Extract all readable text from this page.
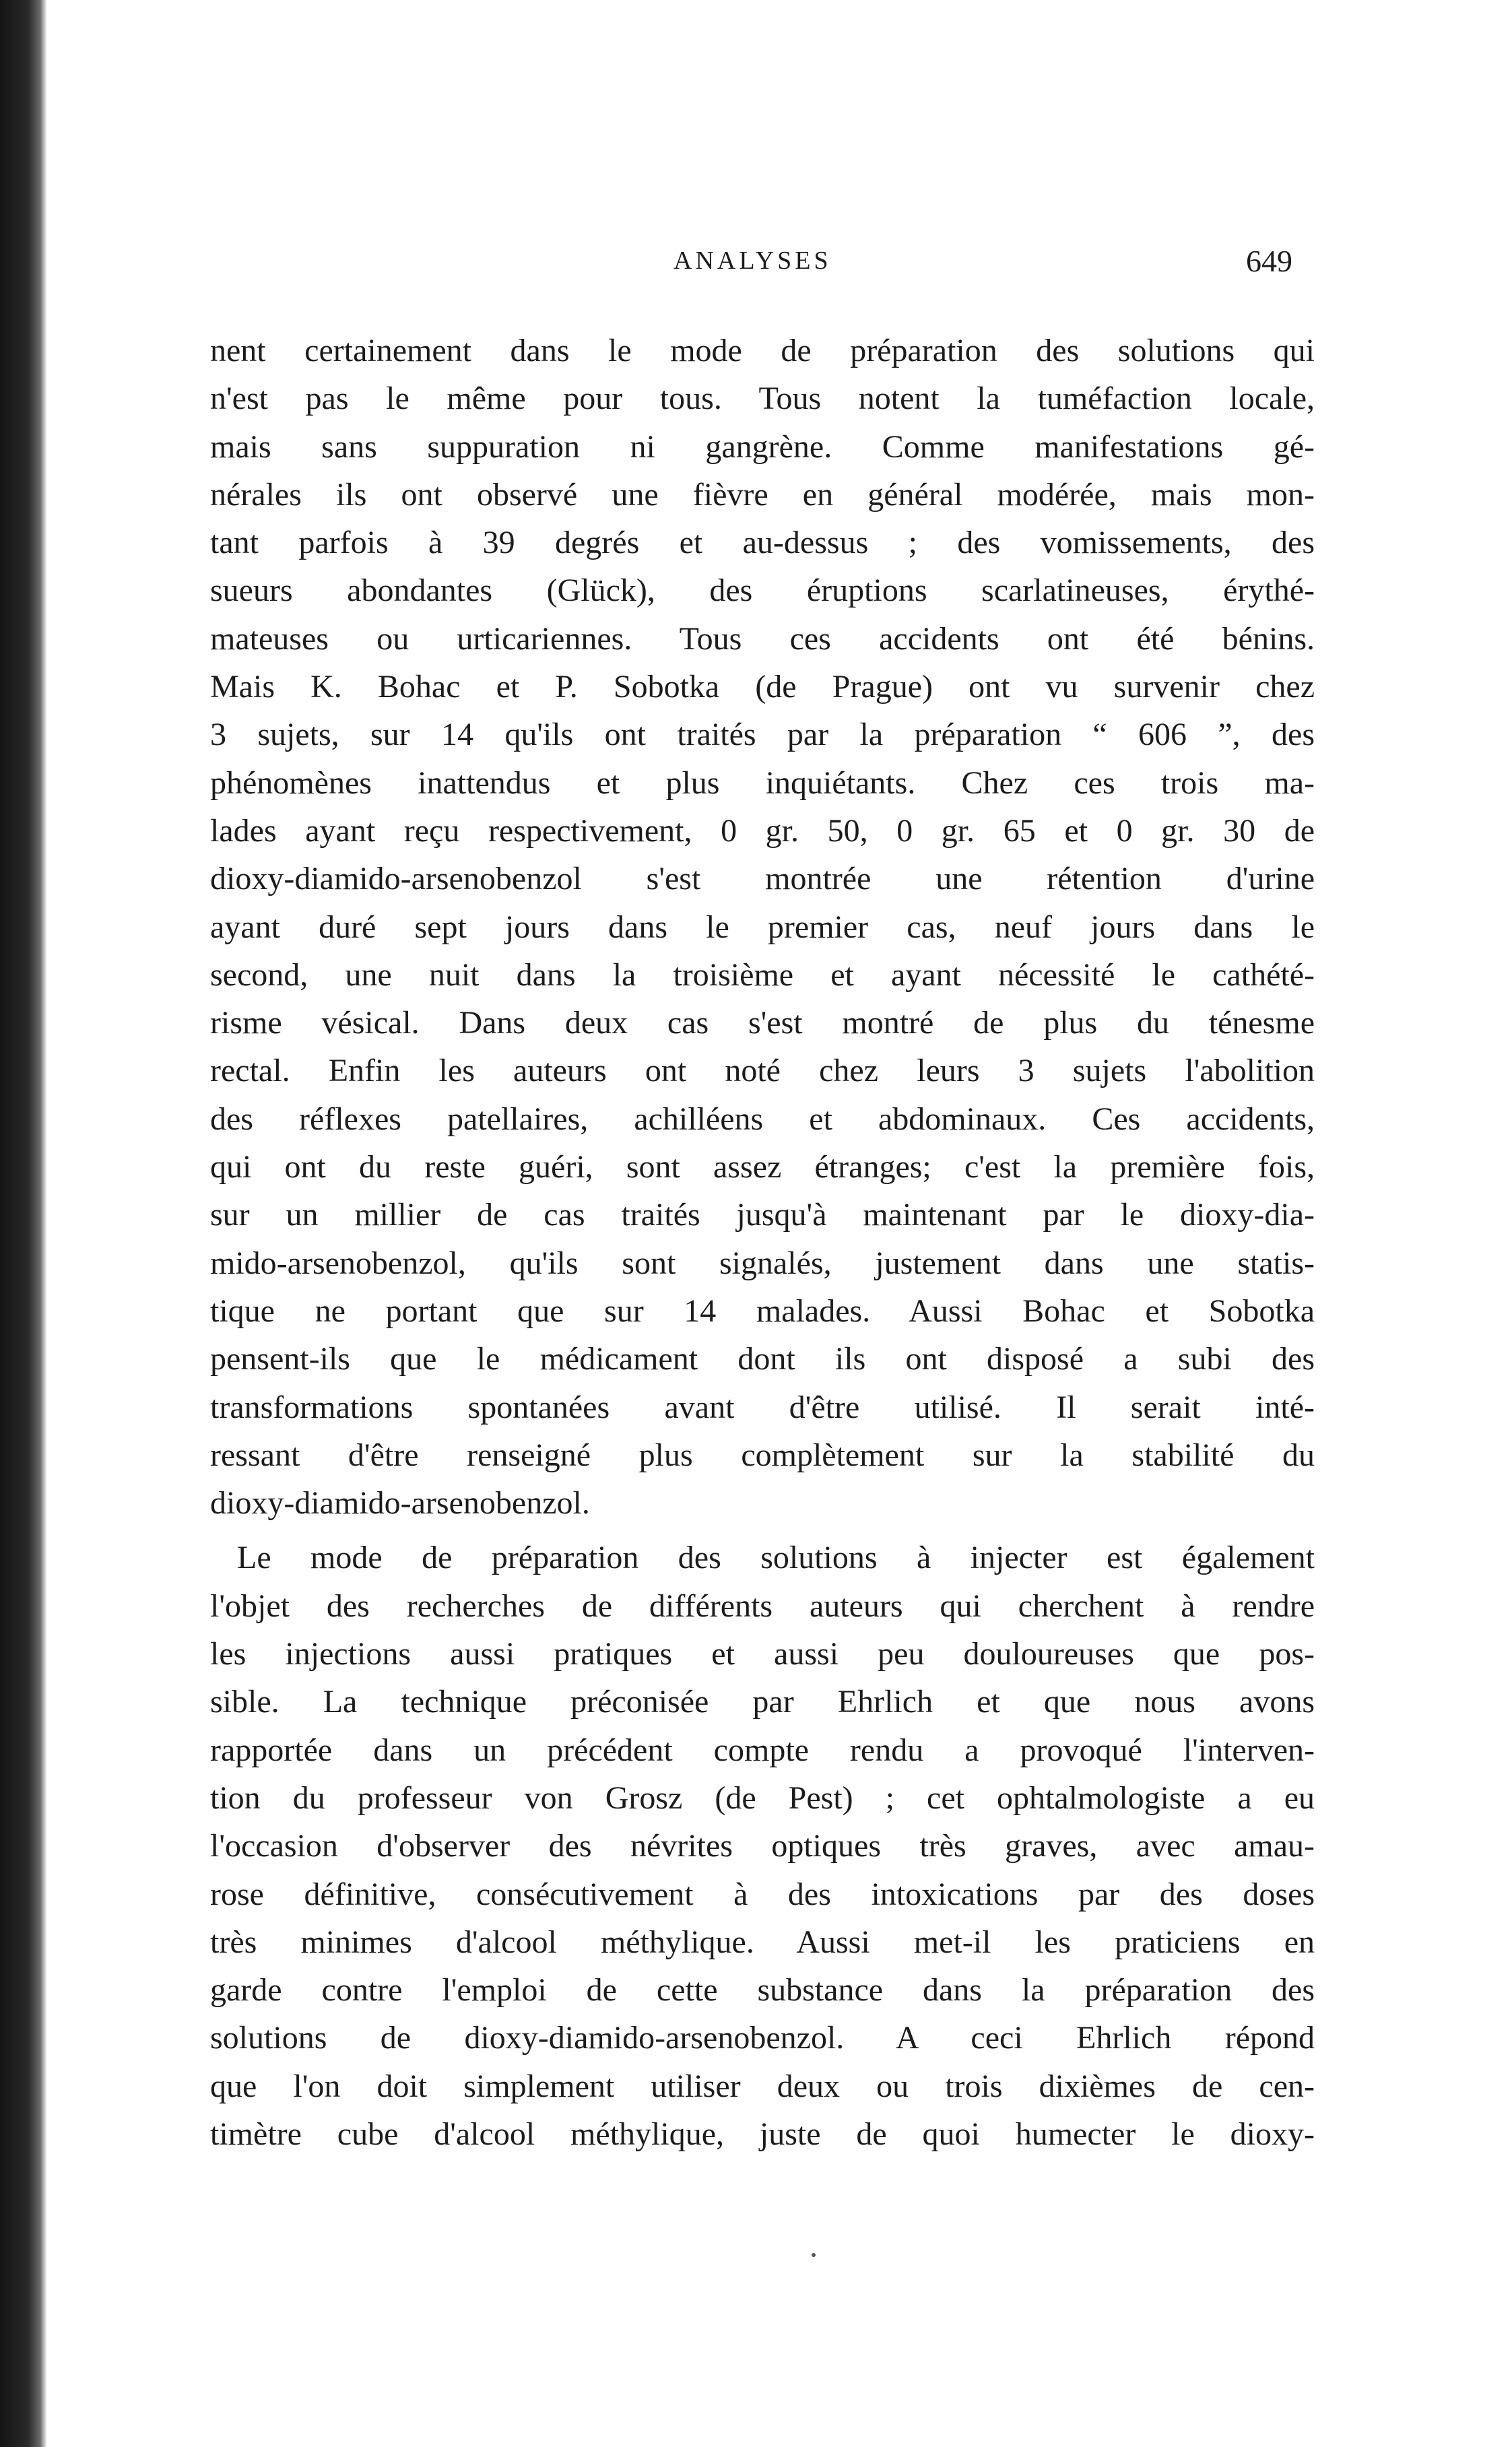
ANALYSES	649
nent certainement dans le mode de préparation des solutions qui
n'est pas le même pour tous. Tous notent la tuméfaction locale,
mais sans suppuration ni gangrène. Comme manifestations gé-
nérales ils ont observé une fièvre en général modérée, mais mon-
tant parfois à 39 degrés et au-dessus ; des vomissements, des
sueurs abondantes (Glück), des éruptions scarlatineuses, érythé-
mateuses ou urticariennes. Tous ces accidents ont été bénins.
Mais K. Bohac et P. Sobotka (de Prague) ont vu survenir chez
3 sujets, sur 14 qu'ils ont traités par la préparation “ 606 ”, des
phénomènes inattendus et plus inquiétants. Chez ces trois ma-
lades ayant reçu respectivement, 0 gr. 50, 0 gr. 65 et 0 gr. 30 de
dioxy-diamido-arsenobenzol s'est montrée une rétention d'urine
ayant duré sept jours dans le premier cas, neuf jours dans le
second, une nuit dans la troisième et ayant nécessité le cathété-
risme vésical. Dans deux cas s'est montré de plus du ténesme
rectal. Enfin les auteurs ont noté chez leurs 3 sujets l'abolition
des réflexes patellaires, achilléens et abdominaux. Ces accidents,
qui ont du reste guéri, sont assez étranges; c'est la première fois,
sur un millier de cas traités jusqu'à maintenant par le dioxy-dia-
mido-arsenobenzol, qu'ils sont signalés, justement dans une statis-
tique ne portant que sur 14 malades. Aussi Bohac et Sobotka
pensent-ils que le médicament dont ils ont disposé a subi des
transformations spontanées avant d'être utilisé. Il serait inté-
ressant d'être renseigné plus complètement sur la stabilité du
dioxy-diamido-arsenobenzol.
Le mode de préparation des solutions à injecter est également
l'objet des recherches de différents auteurs qui cherchent à rendre
les injections aussi pratiques et aussi peu douloureuses que pos-
sible. La technique préconisée par Ehrlich et que nous avons
rapportée dans un précédent compte rendu a provoqué l'interven-
tion du professeur von Grosz (de Pest) ; cet ophtalmologiste a eu
l'occasion d'observer des névrites optiques très graves, avec amau-
rose définitive, consécutivement à des intoxications par des doses
très minimes d'alcool méthylique. Aussi met-il les praticiens en
garde contre l'emploi de cette substance dans la préparation des
solutions de dioxy-diamido-arsenobenzol. A ceci Ehrlich répond
que l'on doit simplement utiliser deux ou trois dixièmes de cen-
timètre cube d'alcool méthylique, juste de quoi humecter le dioxy-
